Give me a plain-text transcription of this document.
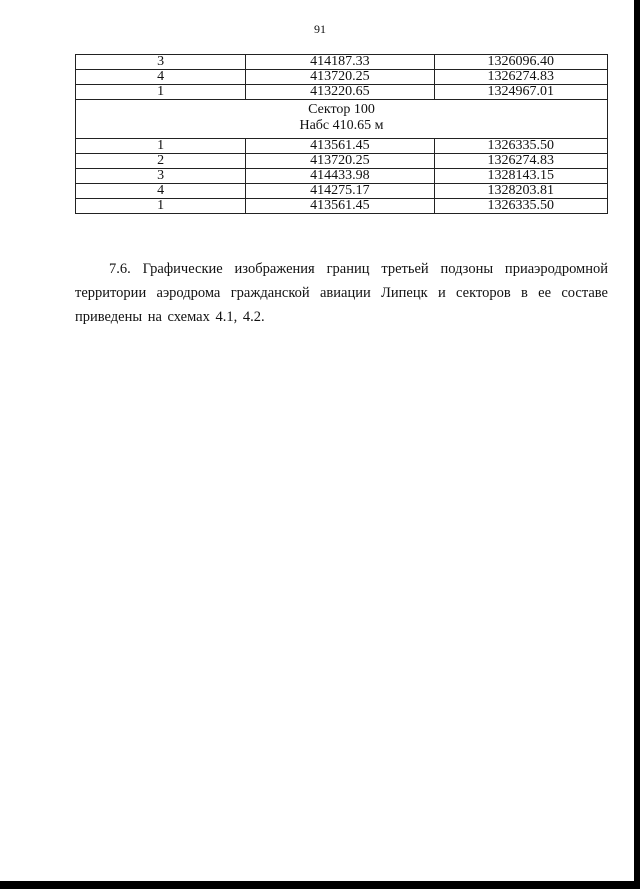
91
3	414187.33	1326096.40
4	413720.25	1326274.83
1	413220.65	1324967.01

Сектор 100
Набс 410.65 м		

1	413561.45	1326335.50
2	413720.25	1326274.83
3	414433.98	1328143.15
4	414275.17	1328203.81
1	413561.45	1326335.50

7.6. Графические изображения границ третьей подзоны приаэродромной территории аэродрома гражданской авиации Липецк и секторов в ее составе приведены на схемах 4.1, 4.2.
